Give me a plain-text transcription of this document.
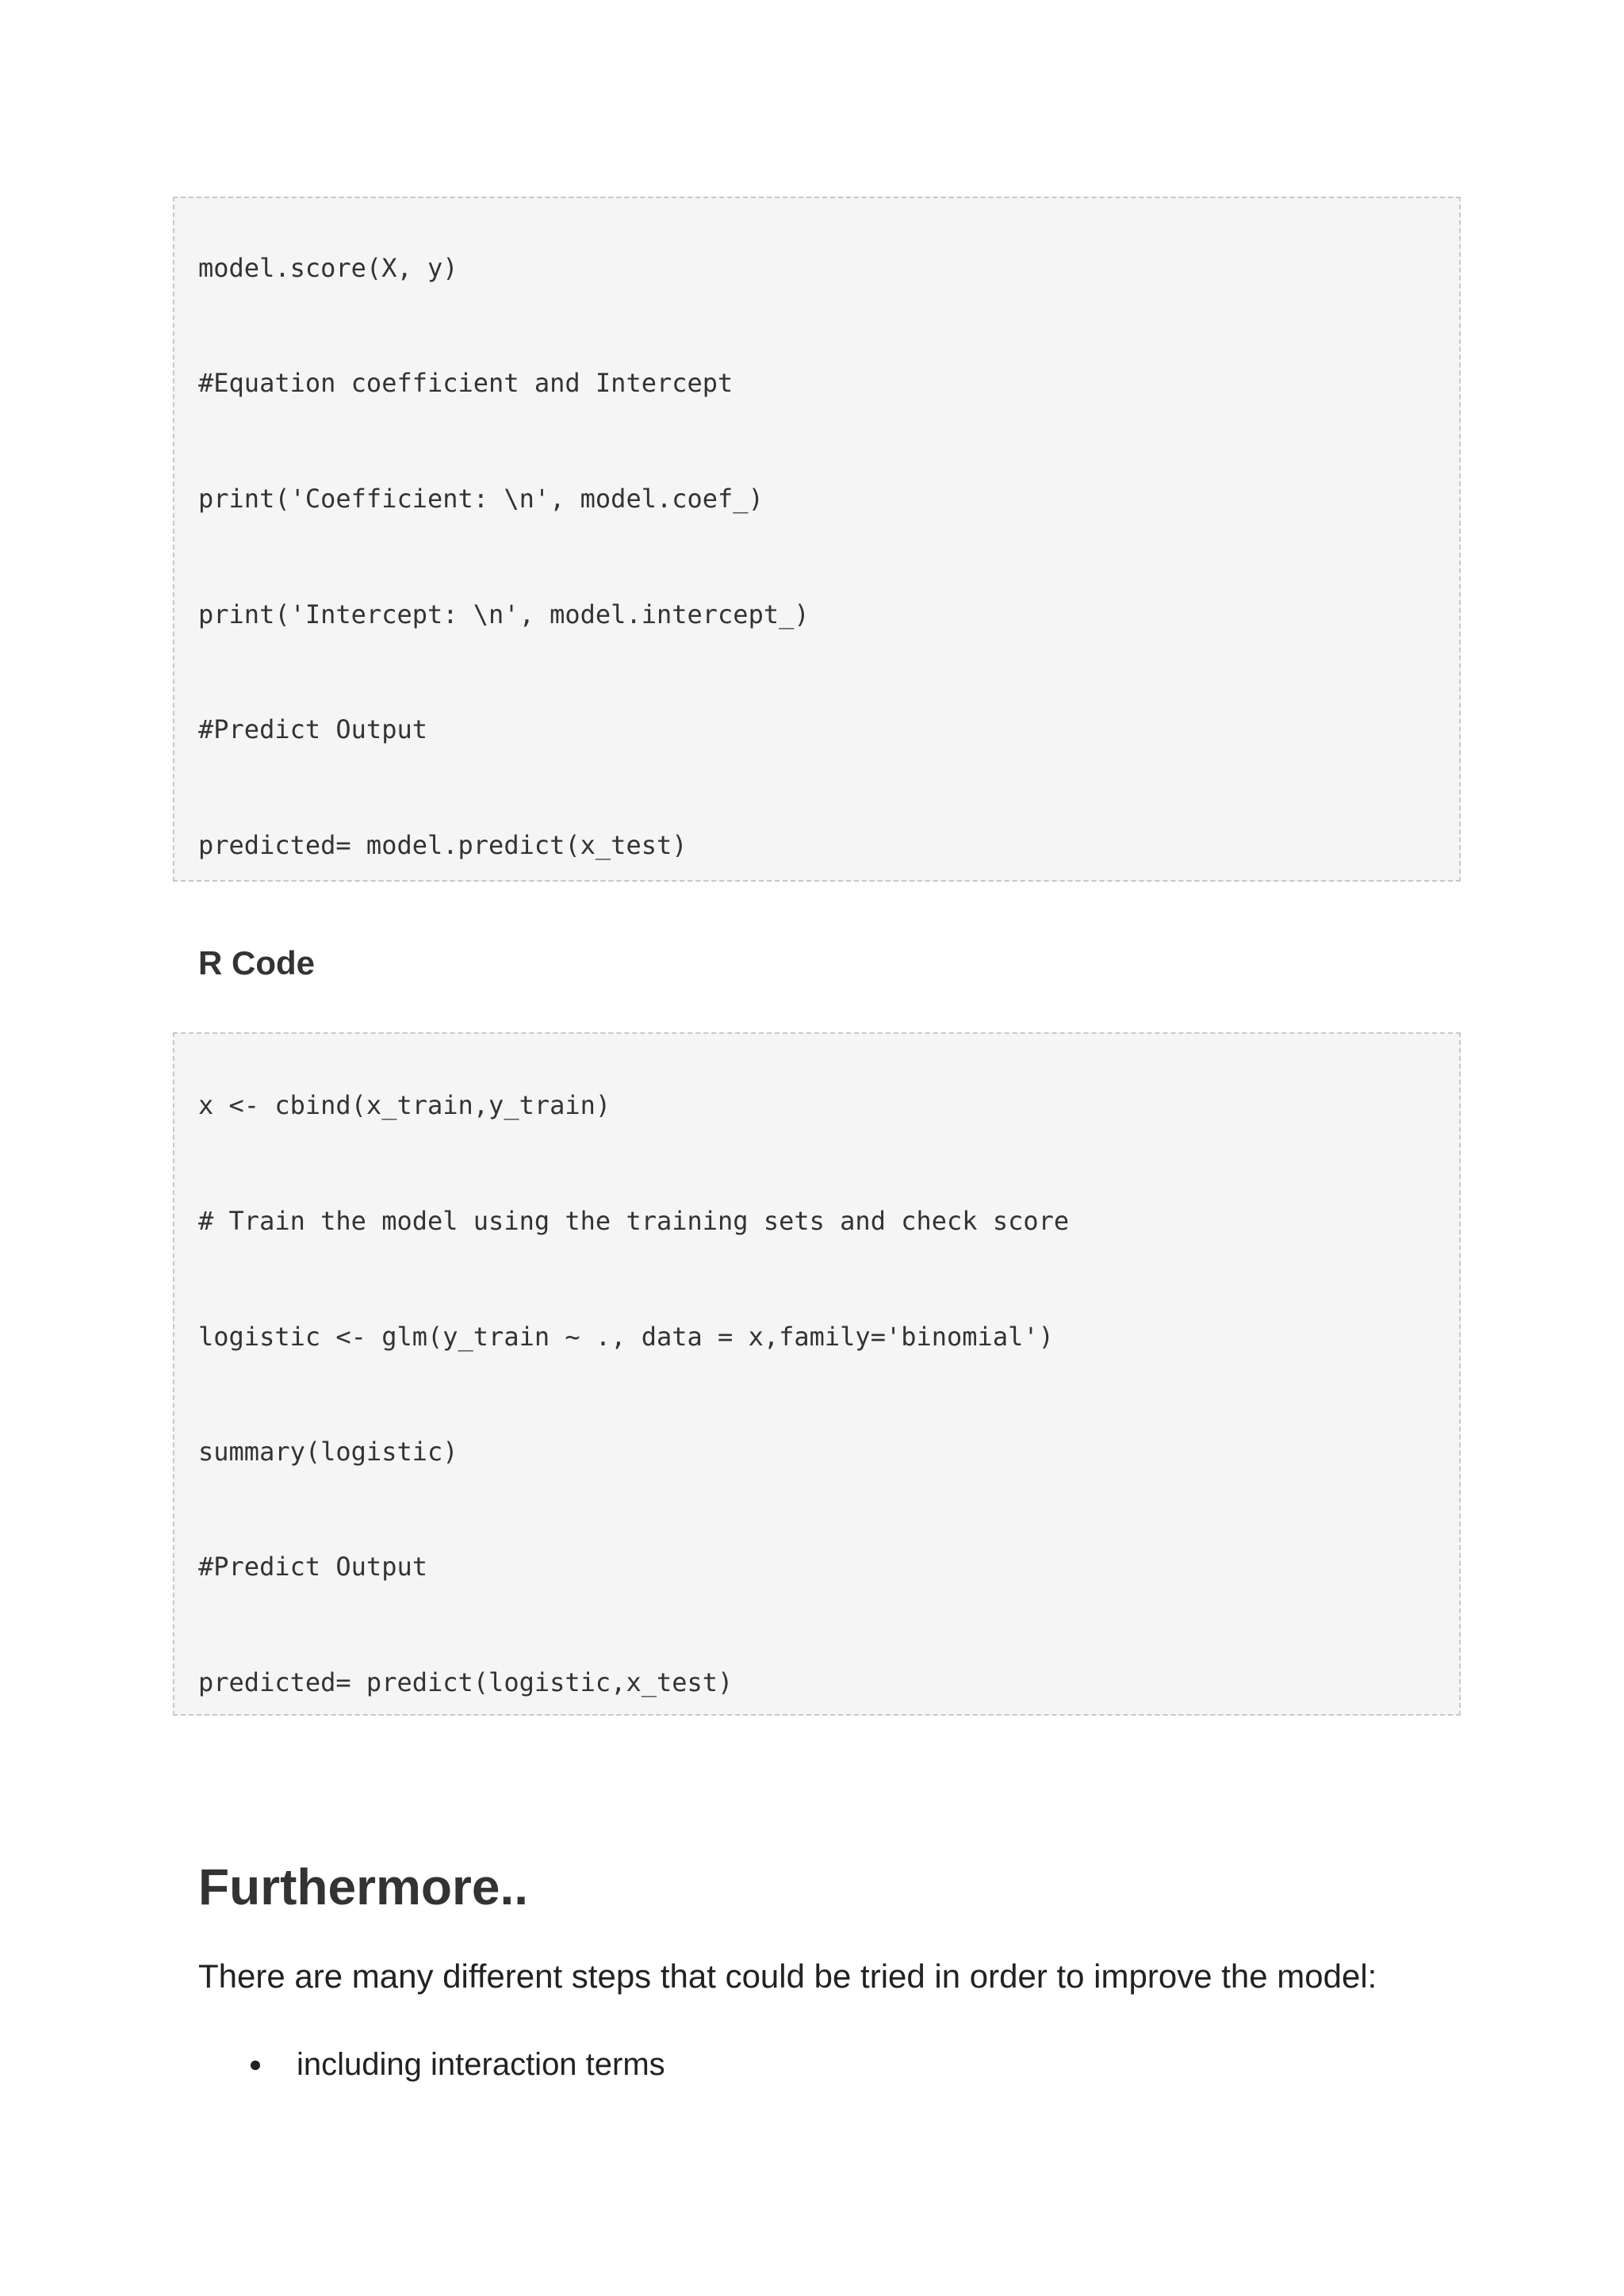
model.score(X, y)
#Equation coefficient and Intercept
print('Coefficient: \n', model.coef_)
print('Intercept: \n', model.intercept_)
#Predict Output
predicted= model.predict(x_test)
R Code
x <- cbind(x_train,y_train)
# Train the model using the training sets and check score
logistic <- glm(y_train ~ ., data = x,family='binomial')
summary(logistic)
#Predict Output
predicted= predict(logistic,x_test)
Furthermore..

There are many different steps that could be tried in order to improve the model:

including interaction terms
